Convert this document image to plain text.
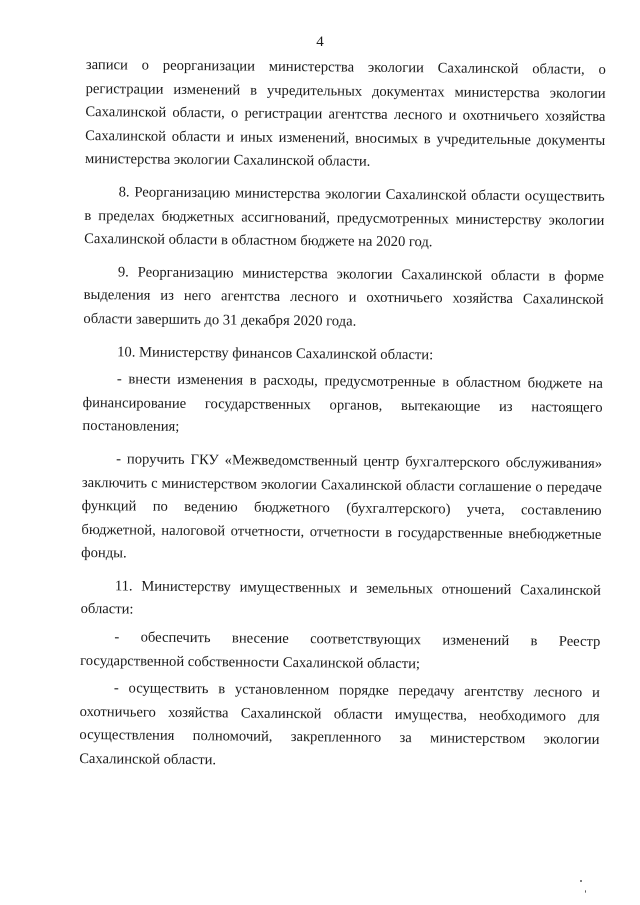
4

записи о реорганизации министерства экологии Сахалинской области, о регистрации изменений в учредительных документах министерства экологии Сахалинской области, о регистрации агентства лесного и охотничьего хозяйства Сахалинской области и иных изменений, вносимых в учредительные документы министерства экологии Сахалинской области.

8. Реорганизацию министерства экологии Сахалинской области осуществить в пределах бюджетных ассигнований, предусмотренных министерству экологии Сахалинской области в областном бюджете на 2020 год.

9. Реорганизацию министерства экологии Сахалинской области в форме выделения из него агентства лесного и охотничьего хозяйства Сахалинской области завершить до 31 декабря 2020 года.

10. Министерству финансов Сахалинской области:

- внести изменения в расходы, предусмотренные в областном бюджете на финансирование государственных органов, вытекающие из настоящего постановления;

- поручить ГКУ «Межведомственный центр бухгалтерского обслуживания» заключить с министерством экологии Сахалинской области соглашение о передаче функций по ведению бюджетного (бухгалтерского) учета, составлению бюджетной, налоговой отчетности, отчетности в государственные внебюджетные фонды.

11. Министерству имущественных и земельных отношений Сахалинской области:

- обеспечить внесение соответствующих изменений в Реестр государственной собственности Сахалинской области;

- осуществить в установленном порядке передачу агентству лесного и охотничьего хозяйства Сахалинской области имущества, необходимого для осуществления полномочий, закрепленного за министерством экологии Сахалинской области.
